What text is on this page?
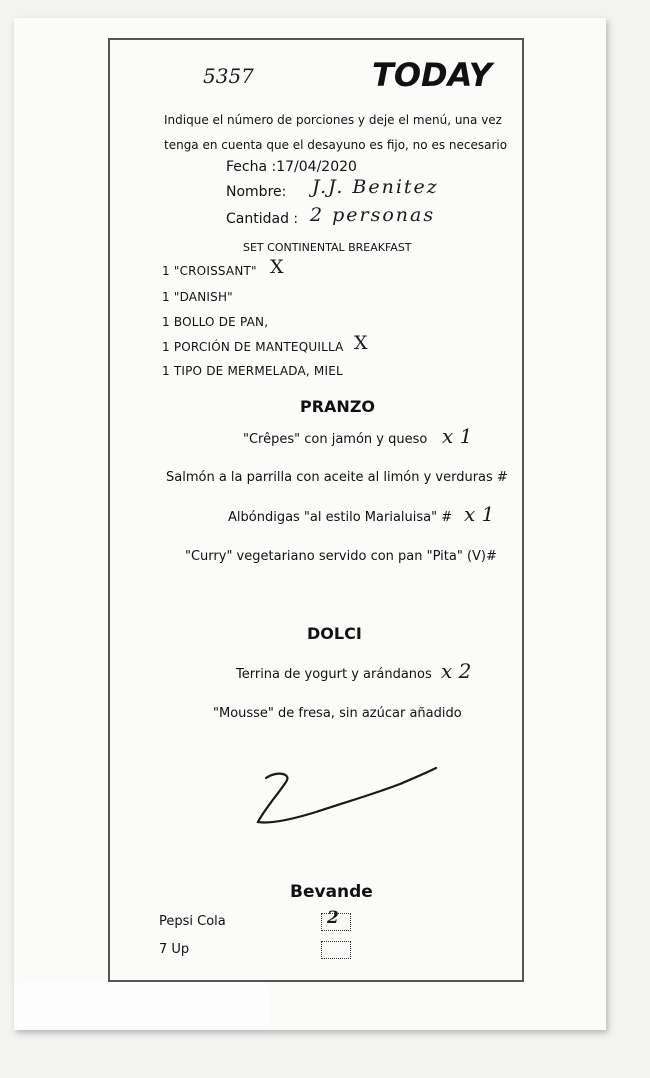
5357	TODAY
Indique el número de porciones y deje el menú, una vez
tenga en cuenta que el desayuno es fijo, no es necesario
Fecha :17/04/2020
Nombre: J.J. Benitez
Cantidad : 2 personas
SET CONTINENTAL BREAKFAST
1 "CROISSANT" X
1 "DANISH"
1 BOLLO DE PAN,
1 PORCIÓN DE MANTEQUILLA X
1 TIPO DE MERMELADA, MIEL
PRANZO
"Crêpes" con jamón y queso x 1
Salmón a la parrilla con aceite al limón y verduras #
Albóndigas "al estilo Marialuisa" # x 1
"Curry" vegetariano servido con pan "Pita" (V)#
DOLCI
Terrina de yogurt y arándanos x 2
"Mousse" de fresa, sin azúcar añadido
Bevande
Pepsi Cola	2
7 Up
